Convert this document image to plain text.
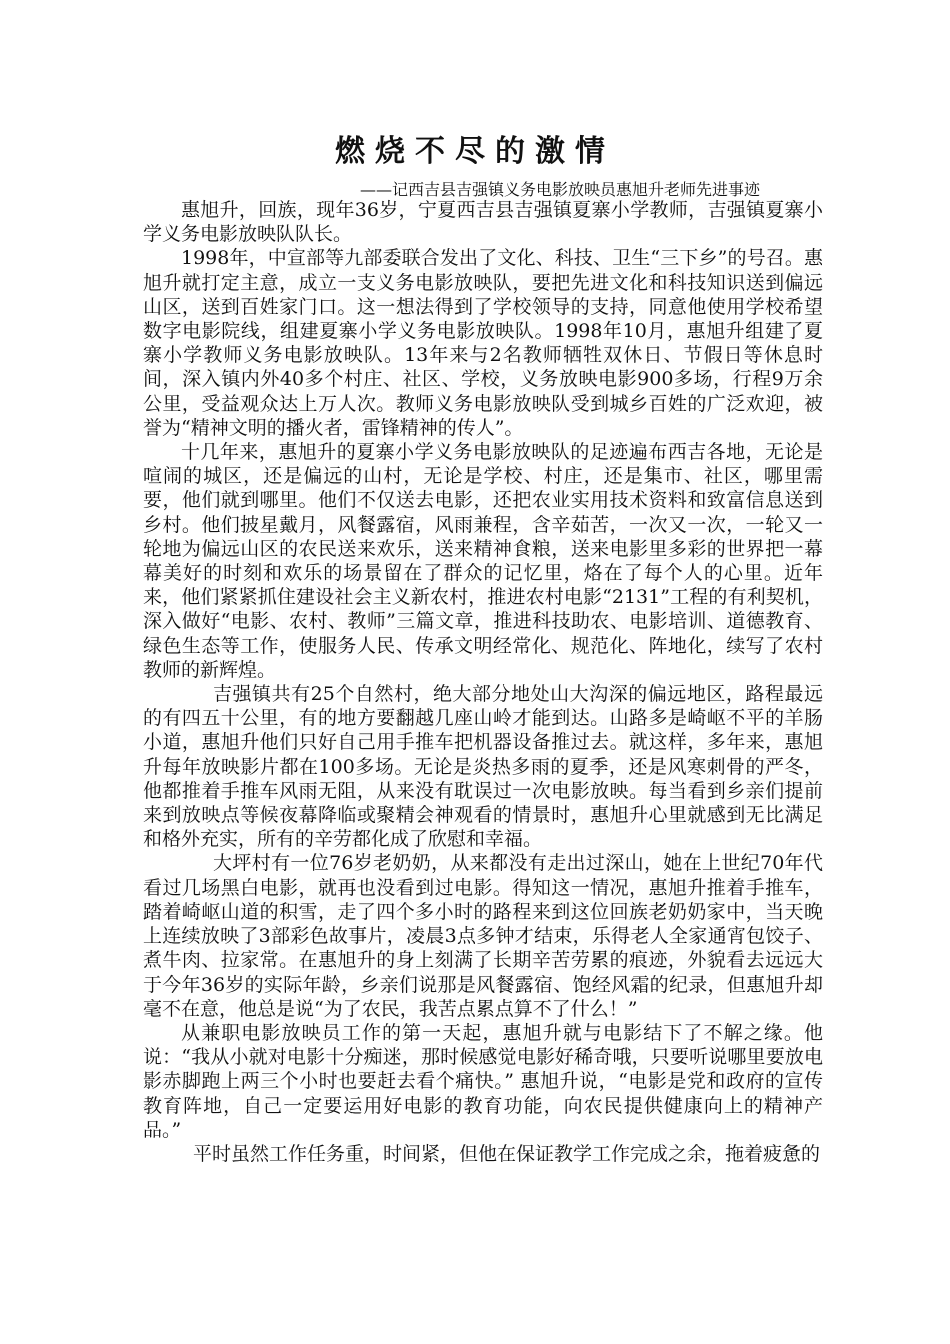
燃烧不尽的激情
——记西吉县吉强镇义务电影放映员惠旭升老师先进事迹

惠旭升，回族，现年36岁，宁夏西吉县吉强镇夏寨小学教师，吉强镇夏寨小学义务电影放映队队长。

1998年，中宣部等九部委联合发出了文化、科技、卫生“三下乡”的号召。惠旭升就打定主意，成立一支义务电影放映队，要把先进文化和科技知识送到偏远山区，送到百姓家门口。这一想法得到了学校领导的支持，同意他使用学校希望数字电影院线，组建夏寨小学义务电影放映队。1998年10月，惠旭升组建了夏寨小学教师义务电影放映队。13年来与2名教师牺牲双休日、节假日等休息时间，深入镇内外40多个村庄、社区、学校，义务放映电影900多场，行程9万余公里，受益观众达上万人次。教师义务电影放映队受到城乡百姓的广泛欢迎，被誉为“精神文明的播火者，雷锋精神的传人”。

十几年来，惠旭升的夏寨小学义务电影放映队的足迹遍布西吉各地，无论是喧闹的城区，还是偏远的山村，无论是学校、村庄，还是集市、社区，哪里需要，他们就到哪里。他们不仅送去电影，还把农业实用技术资料和致富信息送到乡村。他们披星戴月，风餐露宿，风雨兼程，含辛茹苦，一次又一次，一轮又一轮地为偏远山区的农民送来欢乐，送来精神食粮，送来电影里多彩的世界把一幕幕美好的时刻和欢乐的场景留在了群众的记忆里，烙在了每个人的心里。近年来，他们紧紧抓住建设社会主义新农村，推进农村电影“2131”工程的有利契机，深入做好“电影、农村、教师”三篇文章，推进科技助农、电影培训、道德教育、绿色生态等工作，使服务人民、传承文明经常化、规范化、阵地化，续写了农村教师的新辉煌。

吉强镇共有25个自然村，绝大部分地处山大沟深的偏远地区，路程最远的有四五十公里，有的地方要翻越几座山岭才能到达。山路多是崎岖不平的羊肠小道，惠旭升他们只好自己用手推车把机器设备推过去。就这样，多年来，惠旭升每年放映影片都在100多场。无论是炎热多雨的夏季，还是风寒刺骨的严冬，他都推着手推车风雨无阻，从来没有耽误过一次电影放映。每当看到乡亲们提前来到放映点等候夜幕降临或聚精会神观看的情景时，惠旭升心里就感到无比满足和格外充实，所有的辛劳都化成了欣慰和幸福。

大坪村有一位76岁老奶奶，从来都没有走出过深山，她在上世纪70年代看过几场黑白电影，就再也没看到过电影。得知这一情况，惠旭升推着手推车，踏着崎岖山道的积雪，走了四个多小时的路程来到这位回族老奶奶家中，当天晚上连续放映了3部彩色故事片，凌晨3点多钟才结束，乐得老人全家通宵包饺子、煮牛肉、拉家常。在惠旭升的身上刻满了长期辛苦劳累的痕迹，外貌看去远远大于今年36岁的实际年龄，乡亲们说那是风餐露宿、饱经风霜的纪录，但惠旭升却毫不在意，他总是说“为了农民，我苦点累点算不了什么！”

从兼职电影放映员工作的第一天起，惠旭升就与电影结下了不解之缘。他说：“我从小就对电影十分痴迷，那时候感觉电影好稀奇哦，只要听说哪里要放电影赤脚跑上两三个小时也要赶去看个痛快。” 惠旭升说，“电影是党和政府的宣传教育阵地，自己一定要运用好电影的教育功能，向农民提供健康向上的精神产品。”

平时虽然工作任务重，时间紧，但他在保证教学工作完成之余，拖着疲惫的
